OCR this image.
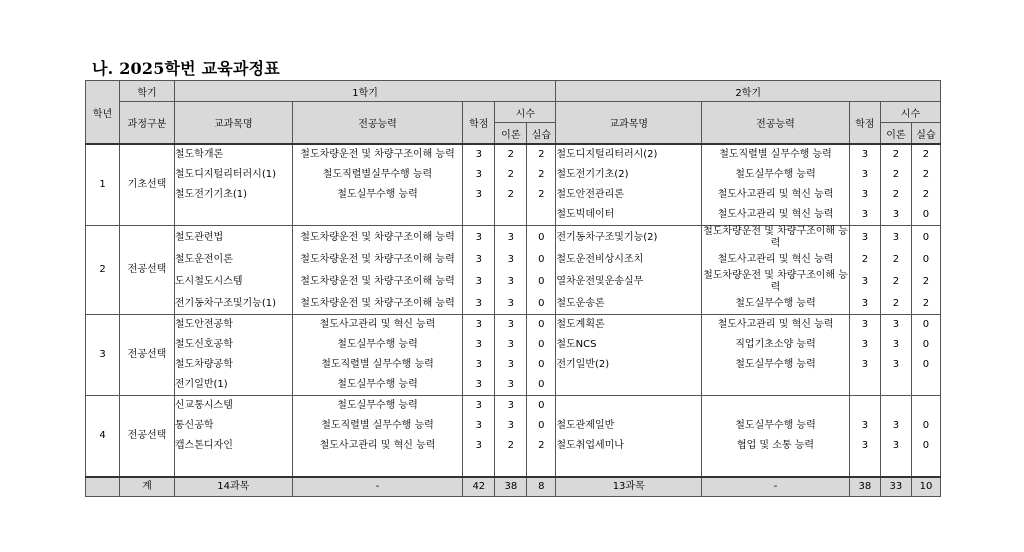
나. 2025학번 교육과정표
학년	학기	1학기					2학기				
	과정구분	교과목명	전공능력	학점	시수		교과목명	전공능력	학점	시수	
					이론	실습				이론	실습
1	기초선택	철도학개론	철도차량운전 및 차량구조이해 능력	3	2	2	철도디지털리터러시(2)	철도직렬별 실무수행 능력	3	2	2
		철도디지털리터러시(1)	철도직렬별실무수행 능력	3	2	2	철도전기기초(2)	철도실무수행 능력	3	2	2
		철도전기기초(1)	철도실무수행 능력	3	2	2	철도안전관리론	철도사고관리 및 혁신 능력	3	2	2
							철도빅데이터	철도사고관리 및 혁신 능력	3	3	0
2	전공선택	철도관련법	철도차량운전 및 차량구조이해 능력	3	3	0	전기동차구조및기능(2)	철도차량운전 및 차량구조이해 능력	3	3	0
		철도운전이론	철도차량운전 및 차량구조이해 능력	3	3	0	철도운전비상시조치	철도사고관리 및 혁신 능력	2	2	0
		도시철도시스템	철도차량운전 및 차량구조이해 능력	3	3	0	열차운전및운송실무	철도차량운전 및 차량구조이해 능력	3	2	2
		전기동차구조및기능(1)	철도차량운전 및 차량구조이해 능력	3	3	0	철도운송론	철도실무수행 능력	3	2	2
3	전공선택	철도안전공학	철도사고관리 및 혁신 능력	3	3	0	철도계획론	철도사고관리 및 혁신 능력	3	3	0
		철도신호공학	철도실무수행 능력	3	3	0	철도NCS	직업기초소양 능력	3	3	0
		철도차량공학	철도직렬별 실무수행 능력	3	3	0	전기일반(2)	철도실무수행 능력	3	3	0
		전기일반(1)	철도실무수행 능력	3	3	0					
4	전공선택	신교통시스템	철도실무수행 능력	3	3	0					
		통신공학	철도직렬별 실무수행 능력	3	3	0	철도관제일반	철도실무수행 능력	3	3	0
		캡스톤디자인	철도사고관리 및 혁신 능력	3	2	2	철도취업세미나	협업 및 소통 능력	3	3	0

	계	14과목	-	42	38	8	13과목	-	38	33	10
